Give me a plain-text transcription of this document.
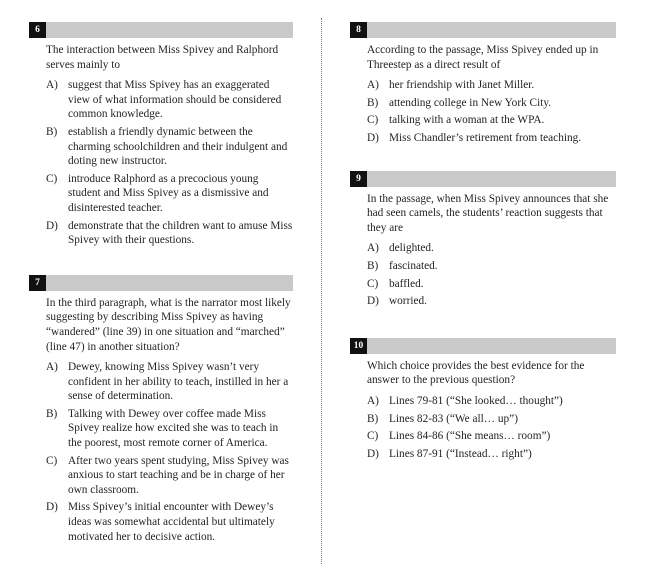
6
The interaction between Miss Spivey and Ralphord serves mainly to
A) suggest that Miss Spivey has an exaggerated view of what information should be considered common knowledge.
B) establish a friendly dynamic between the charming schoolchildren and their indulgent and doting new instructor.
C) introduce Ralphord as a precocious young student and Miss Spivey as a dismissive and disinterested teacher.
D) demonstrate that the children want to amuse Miss Spivey with their questions.
7
In the third paragraph, what is the narrator most likely suggesting by describing Miss Spivey as having “wandered” (line 39) in one situation and “marched” (line 47) in another situation?
A) Dewey, knowing Miss Spivey wasn’t very confident in her ability to teach, instilled in her a sense of determination.
B) Talking with Dewey over coffee made Miss Spivey realize how excited she was to teach in the poorest, most remote corner of America.
C) After two years spent studying, Miss Spivey was anxious to start teaching and be in charge of her own classroom.
D) Miss Spivey’s initial encounter with Dewey’s ideas was somewhat accidental but ultimately motivated her to decisive action.
8
According to the passage, Miss Spivey ended up in Threestep as a direct result of
A) her friendship with Janet Miller.
B) attending college in New York City.
C) talking with a woman at the WPA.
D) Miss Chandler’s retirement from teaching.
9
In the passage, when Miss Spivey announces that she had seen camels, the students’ reaction suggests that they are
A) delighted.
B) fascinated.
C) baffled.
D) worried.
10
Which choice provides the best evidence for the answer to the previous question?
A) Lines 79-81 (“She looked… thought”)
B) Lines 82-83 (“We all… up”)
C) Lines 84-86 (“She means… room”)
D) Lines 87-91 (“Instead… right”)
